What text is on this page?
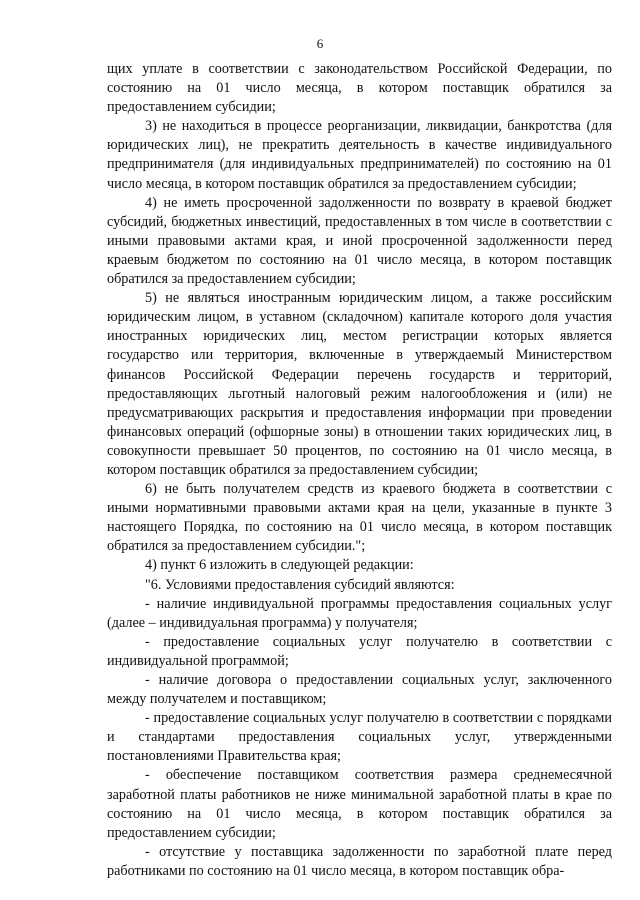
6

щих уплате в соответствии с законодательством Российской Федерации, по состоянию на 01 число месяца, в котором поставщик обратился за предоставлением субсидии;

3) не находиться в процессе реорганизации, ликвидации, банкротства (для юридических лиц), не прекратить деятельность в качестве индивидуального предпринимателя (для индивидуальных предпринимателей) по состоянию на 01 число месяца, в котором поставщик обратился за предоставлением субсидии;

4) не иметь просроченной задолженности по возврату в краевой бюджет субсидий, бюджетных инвестиций, предоставленных в том числе в соответствии с иными правовыми актами края, и иной просроченной задолженности перед краевым бюджетом по состоянию на 01 число месяца, в котором поставщик обратился за предоставлением субсидии;

5) не являться иностранным юридическим лицом, а также российским юридическим лицом, в уставном (складочном) капитале которого доля участия иностранных юридических лиц, местом регистрации которых является государство или территория, включенные в утверждаемый Министерством финансов Российской Федерации перечень государств и территорий, предоставляющих льготный налоговый режим налогообложения и (или) не предусматривающих раскрытия и предоставления информации при проведении финансовых операций (офшорные зоны) в отношении таких юридических лиц, в совокупности превышает 50 процентов, по состоянию на 01 число месяца, в котором поставщик обратился за предоставлением субсидии;

6) не быть получателем средств из краевого бюджета в соответствии с иными нормативными правовыми актами края на цели, указанные в пункте 3 настоящего Порядка, по состоянию на 01 число месяца, в котором поставщик обратился за предоставлением субсидии.";

4) пункт 6 изложить в следующей редакции:

"6. Условиями предоставления субсидий являются:

- наличие индивидуальной программы предоставления социальных услуг (далее – индивидуальная программа) у получателя;

- предоставление социальных услуг получателю в соответствии с индивидуальной программой;

- наличие договора о предоставлении социальных услуг, заключенного между получателем и поставщиком;

- предоставление социальных услуг получателю в соответствии с порядками и стандартами предоставления социальных услуг, утвержденными постановлениями Правительства края;

- обеспечение поставщиком соответствия размера среднемесячной заработной платы работников не ниже минимальной заработной платы в крае по состоянию на 01 число месяца, в котором поставщик обратился за предоставлением субсидии;

- отсутствие у поставщика задолженности по заработной плате перед работниками по состоянию на 01 число месяца, в котором поставщик обра-
